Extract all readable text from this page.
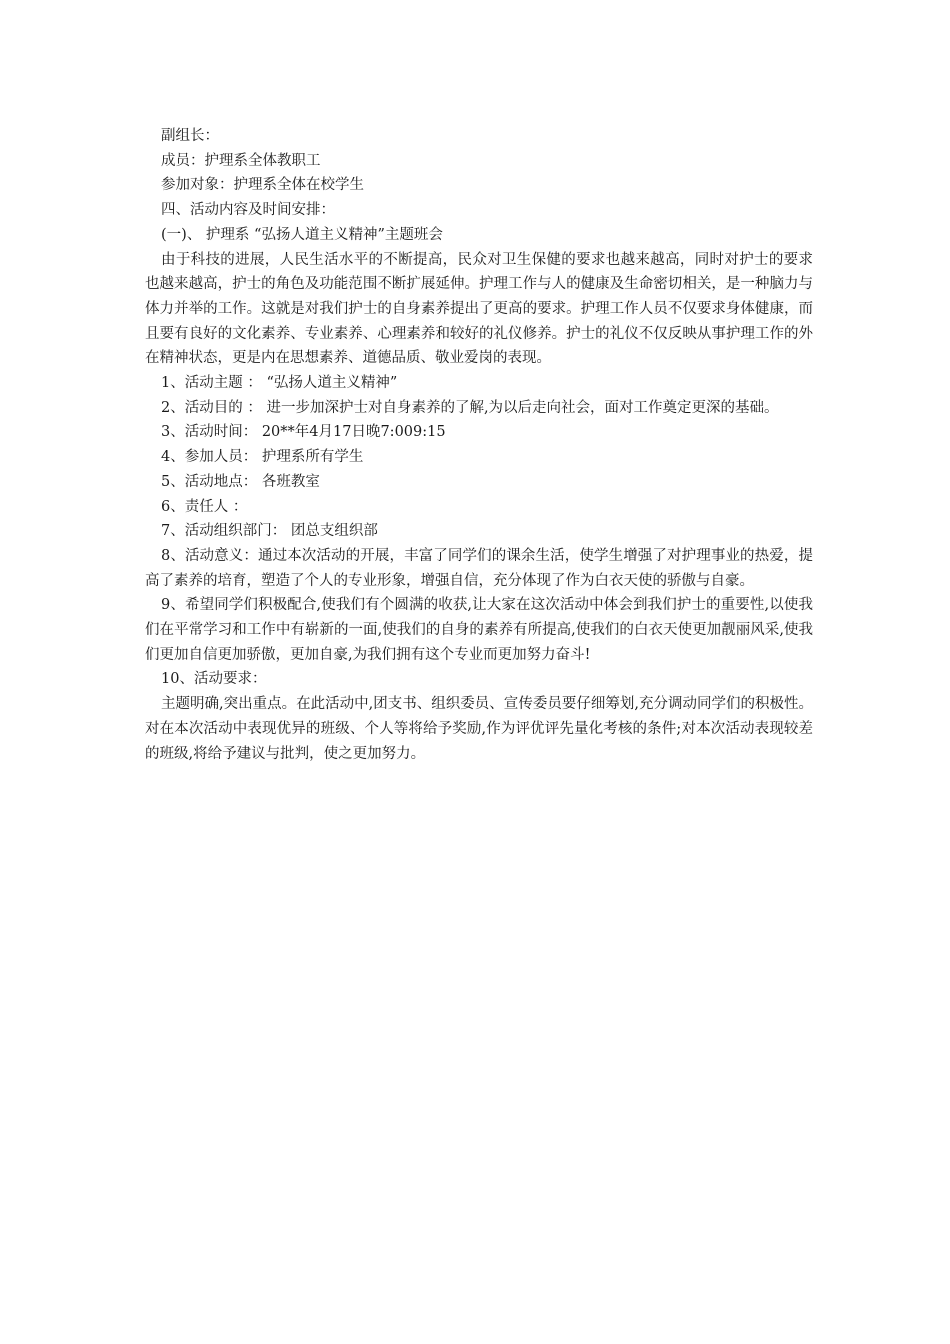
副组长：

成员：护理系全体教职工

参加对象：护理系全体在校学生

四、活动内容及时间安排：

(一)、 护理系 “弘扬人道主义精神”主题班会

由于科技的进展，人民生活水平的不断提高，民众对卫生保健的要求也越来越高，同时对护士的要求也越来越高，护士的角色及功能范围不断扩展延伸。护理工作与人的健康及生命密切相关，是一种脑力与体力并举的工作。这就是对我们护士的自身素养提出了更高的要求。护理工作人员不仅要求身体健康，而且要有良好的文化素养、专业素养、心理素养和较好的礼仪修养。护士的礼仪不仅反映从事护理工作的外在精神状态，更是内在思想素养、道德品质、敬业爱岗的表现。

1、活动主题 ： “弘扬人道主义精神”

2、活动目的 ： 进一步加深护士对自身素养的了解,为以后走向社会，面对工作奠定更深的基础。

3、活动时间： 20**年4月17日晚7:009:15

4、参加人员： 护理系所有学生

5、活动地点： 各班教室

6、责任人 ：

7、活动组织部门： 团总支组织部

8、活动意义：通过本次活动的开展，丰富了同学们的课余生活，使学生增强了对护理事业的热爱，提高了素养的培育，塑造了个人的专业形象，增强自信，充分体现了作为白衣天使的骄傲与自豪。

9、希望同学们积极配合,使我们有个圆满的收获,让大家在这次活动中体会到我们护士的重要性,以使我们在平常学习和工作中有崭新的一面,使我们的自身的素养有所提高,使我们的白衣天使更加靓丽风采,使我们更加自信更加骄傲，更加自豪,为我们拥有这个专业而更加努力奋斗!

10、活动要求：

主题明确,突出重点。在此活动中,团支书、组织委员、宣传委员要仔细筹划,充分调动同学们的积极性。对在本次活动中表现优异的班级、个人等将给予奖励,作为评优评先量化考核的条件;对本次活动表现较差的班级,将给予建议与批判，使之更加努力。
